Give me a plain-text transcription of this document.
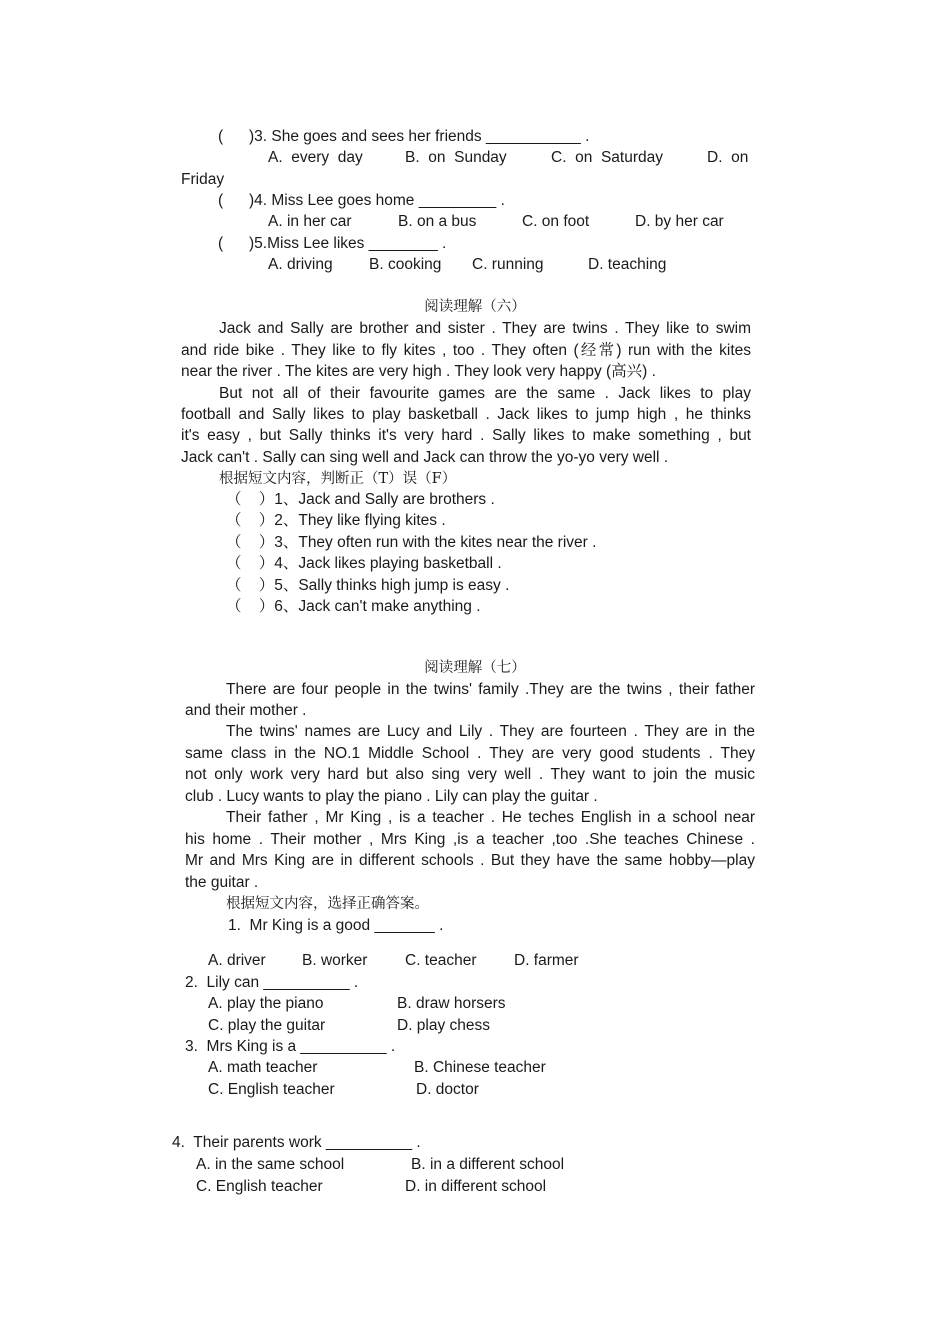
(      )3. She goes and sees her friends ___________ .
A.  every  day	B.  on  Sunday	C.  on  Saturday	D.  on
Friday
(      )4. Miss Lee goes home _________ .
A. in her car	B. on a bus	C. on foot	D. by her car
(      )5.Miss Lee likes ________ .
A. driving B. cooking C. running	D. teaching
阅读理解（六）
Jack and Sally are brother and sister . They are twins . They like to swim
and ride bike . They like to fly kites , too . They often (经常) run with the kites
near the river . The kites are very high . They look very happy (高兴) .
But not all of their favourite games are the same . Jack likes to play
football and Sally likes to play basketball . Jack likes to jump high , he thinks
it's easy , but Sally thinks it's very hard . Sally likes to make something , but
Jack can't . Sally can sing well and Jack can throw the yo-yo very well .
根据短文内容，判断正（T）误（F）
（    ）1、Jack and Sally are brothers .
（    ）2、They like flying kites .
（    ）3、They often run with the kites near the river .
（    ）4、Jack likes playing basketball .
（    ）5、Sally thinks high jump is easy .
（    ）6、Jack can't make anything .
阅读理解（七）
There are four people in the twins' family .They are the twins , their father
and their mother .
The twins' names are Lucy and Lily . They are fourteen . They are in the
same class in the NO.1 Middle School . They are very good students . They
not only work very hard but also sing very well . They want to join the music
club . Lucy wants to play the piano . Lily can play the guitar .
Their father , Mr King , is a teacher . He teches English in a school near
his home . Their mother , Mrs King ,is a teacher ,too .She teaches Chinese .
Mr and Mrs King are in different schools . But they have the same hobby—play
the guitar .
根据短文内容，选择正确答案。
1.  Mr King is a good _______ .
A. driver B. worker C. teacher D. farmer
2.  Lily can __________ .
A. play the piano	B. draw horsers
C. play the guitar	D. play chess
3.  Mrs King is a __________ .
A. math teacher	B. Chinese teacher
C. English teacher	D. doctor
4.  Their parents work __________ .
A. in the same school	B. in a different school
C. English teacher	D. in different school
